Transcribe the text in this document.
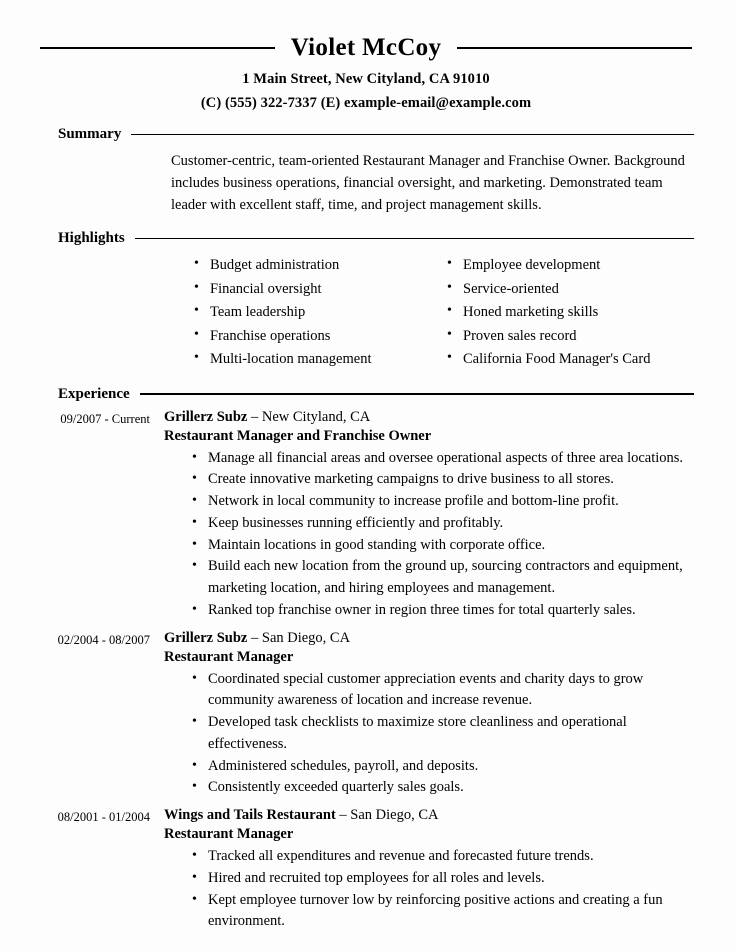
Violet McCoy
1 Main Street, New Cityland, CA 91010
(C) (555) 322-7337 (E) example-email@example.com
Summary
Customer-centric, team-oriented Restaurant Manager and Franchise Owner. Background includes business operations, financial oversight, and marketing. Demonstrated team leader with excellent staff, time, and project management skills.
Highlights
• Budget administration
• Financial oversight
• Team leadership
• Franchise operations
• Multi-location management
• Employee development
• Service-oriented
• Honed marketing skills
• Proven sales record
• California Food Manager's Card
Experience
09/2007 - Current Grillerz Subz – New Cityland, CA
Restaurant Manager and Franchise Owner
• Manage all financial areas and oversee operational aspects of three area locations.
• Create innovative marketing campaigns to drive business to all stores.
• Network in local community to increase profile and bottom-line profit.
• Keep businesses running efficiently and profitably.
• Maintain locations in good standing with corporate office.
• Build each new location from the ground up, sourcing contractors and equipment, marketing location, and hiring employees and management.
• Ranked top franchise owner in region three times for total quarterly sales.
02/2004 - 08/2007 Grillerz Subz – San Diego, CA
Restaurant Manager
• Coordinated special customer appreciation events and charity days to grow community awareness of location and increase revenue.
• Developed task checklists to maximize store cleanliness and operational effectiveness.
• Administered schedules, payroll, and deposits.
• Consistently exceeded quarterly sales goals.
08/2001 - 01/2004 Wings and Tails Restaurant – San Diego, CA
Restaurant Manager
• Tracked all expenditures and revenue and forecasted future trends.
• Hired and recruited top employees for all roles and levels.
• Kept employee turnover low by reinforcing positive actions and creating a fun environment.
